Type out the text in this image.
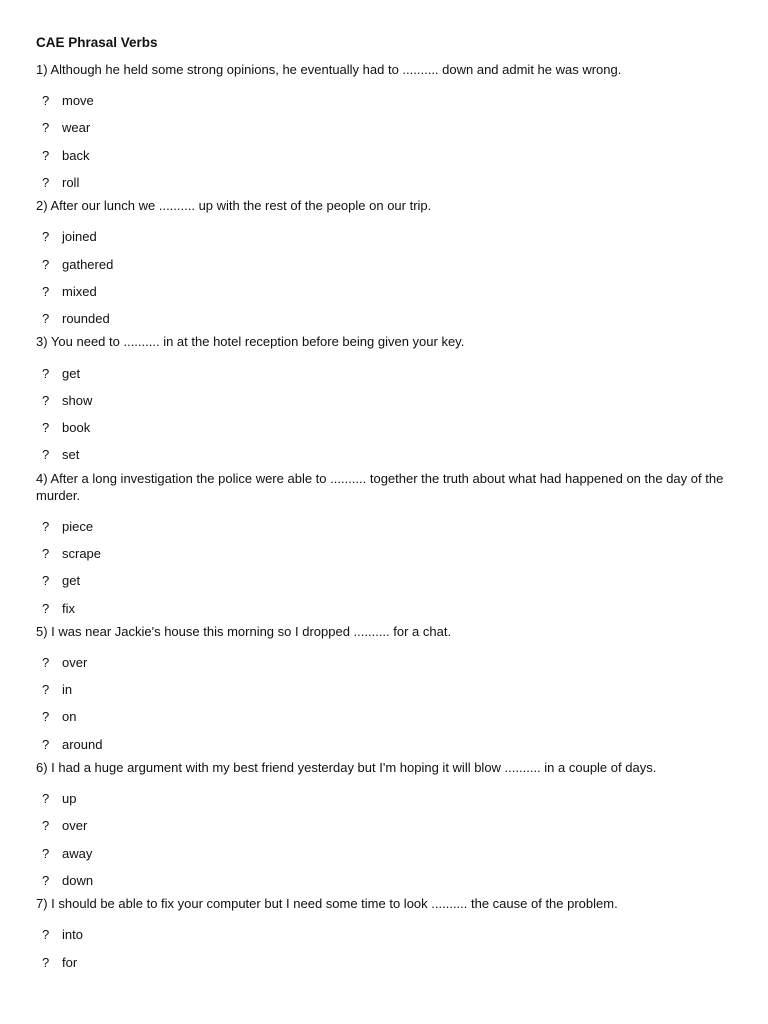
CAE Phrasal Verbs
1) Although he held some strong opinions, he eventually had to .......... down and admit he was wrong.
? move
? wear
? back
? roll
2) After our lunch we .......... up with the rest of the people on our trip.
? joined
? gathered
? mixed
? rounded
3) You need to .......... in at the hotel reception before being given your key.
? get
? show
? book
? set
4) After a long investigation the police were able to .......... together the truth about what had happened on the day of the murder.
? piece
? scrape
? get
? fix
5) I was near Jackie's house this morning so I dropped .......... for a chat.
? over
? in
? on
? around
6) I had a huge argument with my best friend yesterday but I'm hoping it will blow .......... in a couple of days.
? up
? over
? away
? down
7) I should be able to fix your computer but I need some time to look .......... the cause of the problem.
? into
? for
